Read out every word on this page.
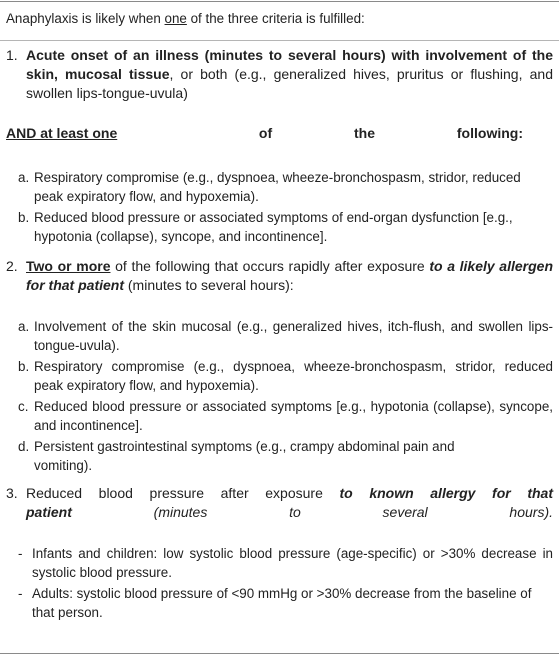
Anaphylaxis is likely when one of the three criteria is fulfilled:
1. Acute onset of an illness (minutes to several hours) with involvement of the skin, mucosal tissue, or both (e.g., generalized hives, pruritus or flushing, and swollen lips-tongue-uvula)
AND at least one	of the following:
a. Respiratory compromise (e.g., dyspnoea, wheeze-bronchospasm, stridor, reduced peak expiratory flow, and hypoxemia).
b. Reduced blood pressure or associated symptoms of end-organ dysfunction [e.g., hypotonia (collapse), syncope, and incontinence].
2. Two or more of the following that occurs rapidly after exposure to a likely allergen for that patient (minutes to several hours):
a. Involvement of the skin mucosal (e.g., generalized hives, itch-flush, and swollen lips-tongue-uvula).
b. Respiratory compromise (e.g., dyspnoea, wheeze-bronchospasm, stridor, reduced peak expiratory flow, and hypoxemia).
c. Reduced blood pressure or associated symptoms [e.g., hypotonia (collapse), syncope, and incontinence].
d. Persistent gastrointestinal symptoms (e.g., crampy abdominal pain and vomiting).
3. Reduced blood pressure after exposure to known allergy for that patient (minutes to several hours).
- Infants and children: low systolic blood pressure (age-specific) or >30% decrease in systolic blood pressure.
- Adults: systolic blood pressure of <90 mmHg or >30% decrease from the baseline of that person.
